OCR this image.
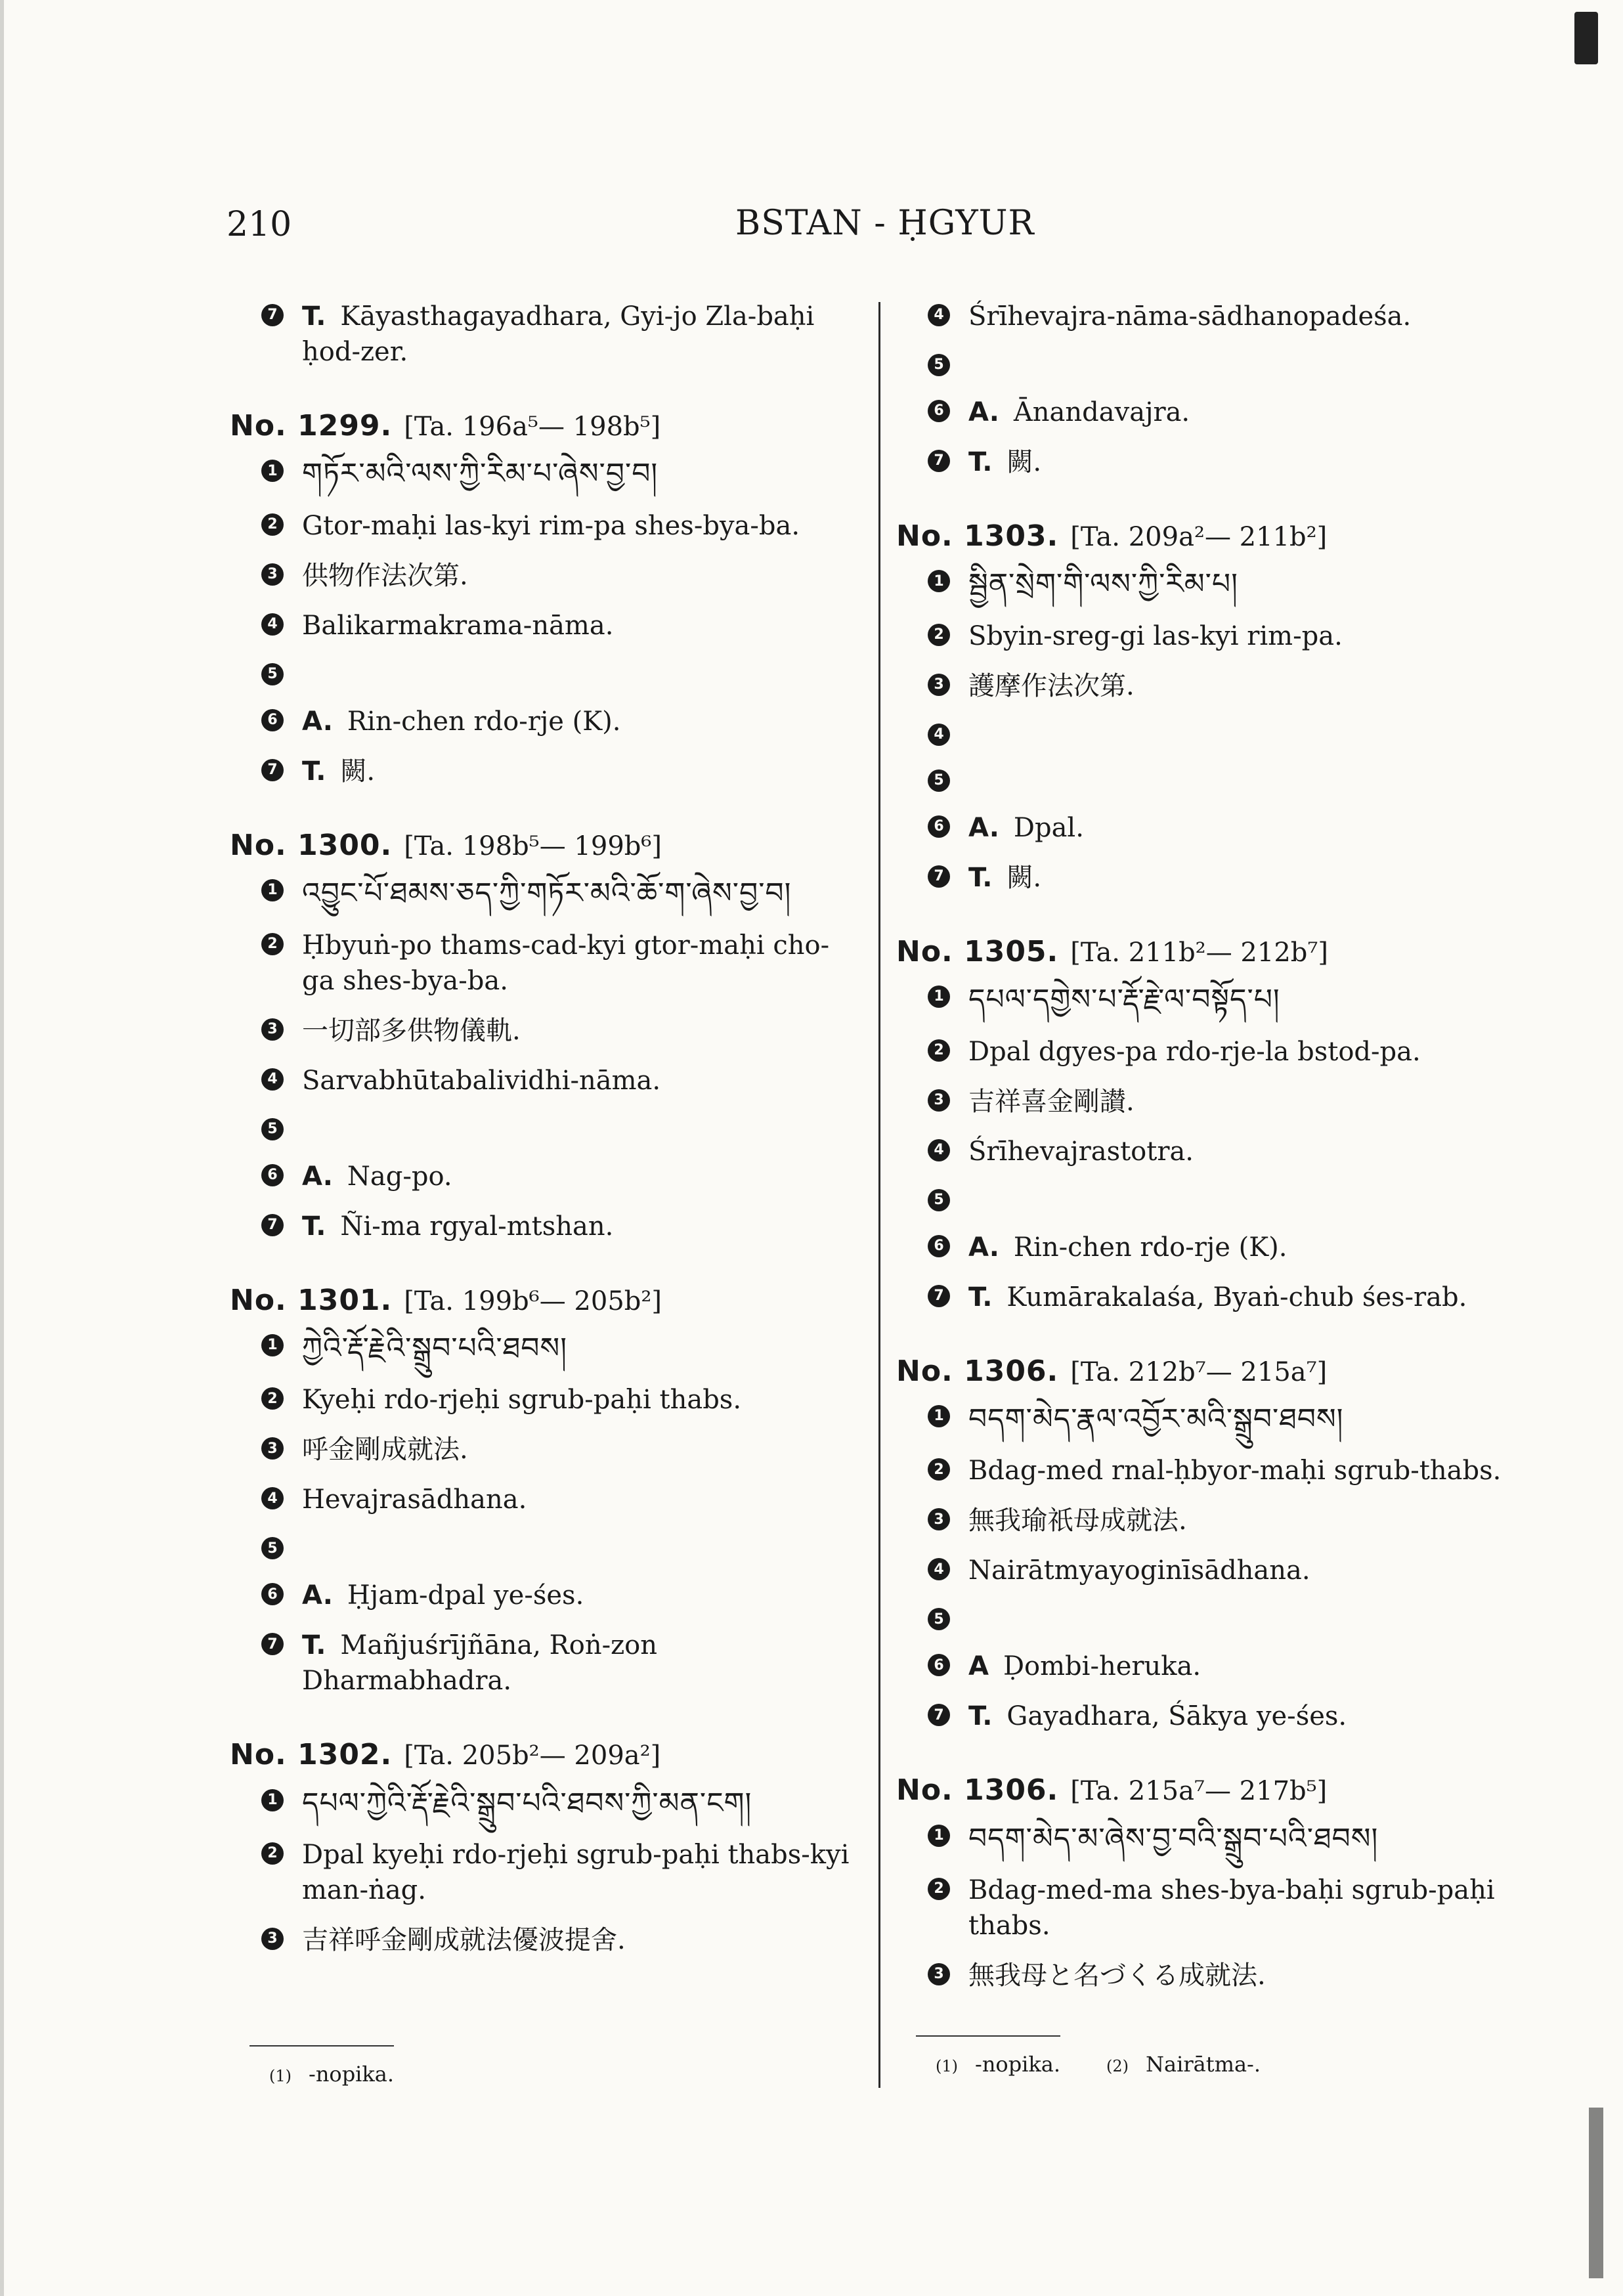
210	BSTAN - ḤGYUR
7 T. Kāyasthagayadhara, Gyi-jo Zla-baḥi ḥod-zer.
No. 1299. [Ta. 196a⁵— 198b⁵]
1 གཏོར་མའི་ལས་ཀྱི་རིམ་པ་ཞེས་བྱ་བ།
2 Gtor-maḥi las-kyi rim-pa shes-bya-ba.
3 供物作法次第.
4 Balikarmakrama-nāma.
5
6 A. Rin-chen rdo-rje (K).
7 T. 闕.
No. 1300. [Ta. 198b⁵— 199b⁶]
1 འབྱུང་པོ་ཐམས་ཅད་ཀྱི་གཏོར་མའི་ཆོ་ག་ཞེས་བྱ་བ།
2 Ḥbyuṅ-po thams-cad-kyi gtor-maḥi cho-ga shes-bya-ba.
3 一切部多供物儀軌.
4 Sarvabhūtabalividhi-nāma.
5
6 A. Nag-po.
7 T. Ñi-ma rgyal-mtshan.
No. 1301. [Ta. 199b⁶— 205b²]
1 ཀྱེའི་རྡོ་རྗེའི་སྒྲུབ་པའི་ཐབས།
2 Kyeḥi rdo-rjeḥi sgrub-paḥi thabs.
3 呼金剛成就法.
4 Hevajrasādhana.
5
6 A. Ḥjam-dpal ye-śes.
7 T. Mañjuśrījñāna, Roṅ-zon Dharmabhadra.
No. 1302. [Ta. 205b²— 209a²]
1 དཔལ་ཀྱེའི་རྡོ་རྗེའི་སྒྲུབ་པའི་ཐབས་ཀྱི་མན་ངག།
2 Dpal kyeḥi rdo-rjeḥi sgrub-paḥi thabs-kyi man-ṅag.
3 吉祥呼金剛成就法優波提舍.
4 Śrīhevajra-nāma-sādhanopadeśa.
5
6 A. Ānandavajra.
7 T. 闕.
No. 1303. [Ta. 209a²— 211b²]
1 སྦྱིན་སྲེག་གི་ལས་ཀྱི་རིམ་པ།
2 Sbyin-sreg-gi las-kyi rim-pa.
3 護摩作法次第.
4
5
6 A. Dpal.
7 T. 闕.
No. 1305. [Ta. 211b²— 212b⁷]
1 དཔལ་དགྱེས་པ་རྡོ་རྗེ་ལ་བསྟོད་པ།
2 Dpal dgyes-pa rdo-rje-la bstod-pa.
3 吉祥喜金剛讃.
4 Śrīhevajrastotra.
5
6 A. Rin-chen rdo-rje (K).
7 T. Kumārakalaśa, Byaṅ-chub śes-rab.
No. 1306. [Ta. 212b⁷— 215a⁷]
1 བདག་མེད་རྣལ་འབྱོར་མའི་སྒྲུབ་ཐབས།
2 Bdag-med rnal-ḥbyor-maḥi sgrub-thabs.
3 無我瑜祇母成就法.
4 Nairātmyayoginīsādhana.
5
6 A Ḍombi-heruka.
7 T. Gayadhara, Śākya ye-śes.
No. 1306. [Ta. 215a⁷— 217b⁵]
1 བདག་མེད་མ་ཞེས་བྱ་བའི་སྒྲུབ་པའི་ཐབས།
2 Bdag-med-ma shes-bya-baḥi sgrub-paḥi thabs.
3 無我母と名づくる成就法.
(1) -nopika.	(1) -nopika.	(2) Nairātma-.
